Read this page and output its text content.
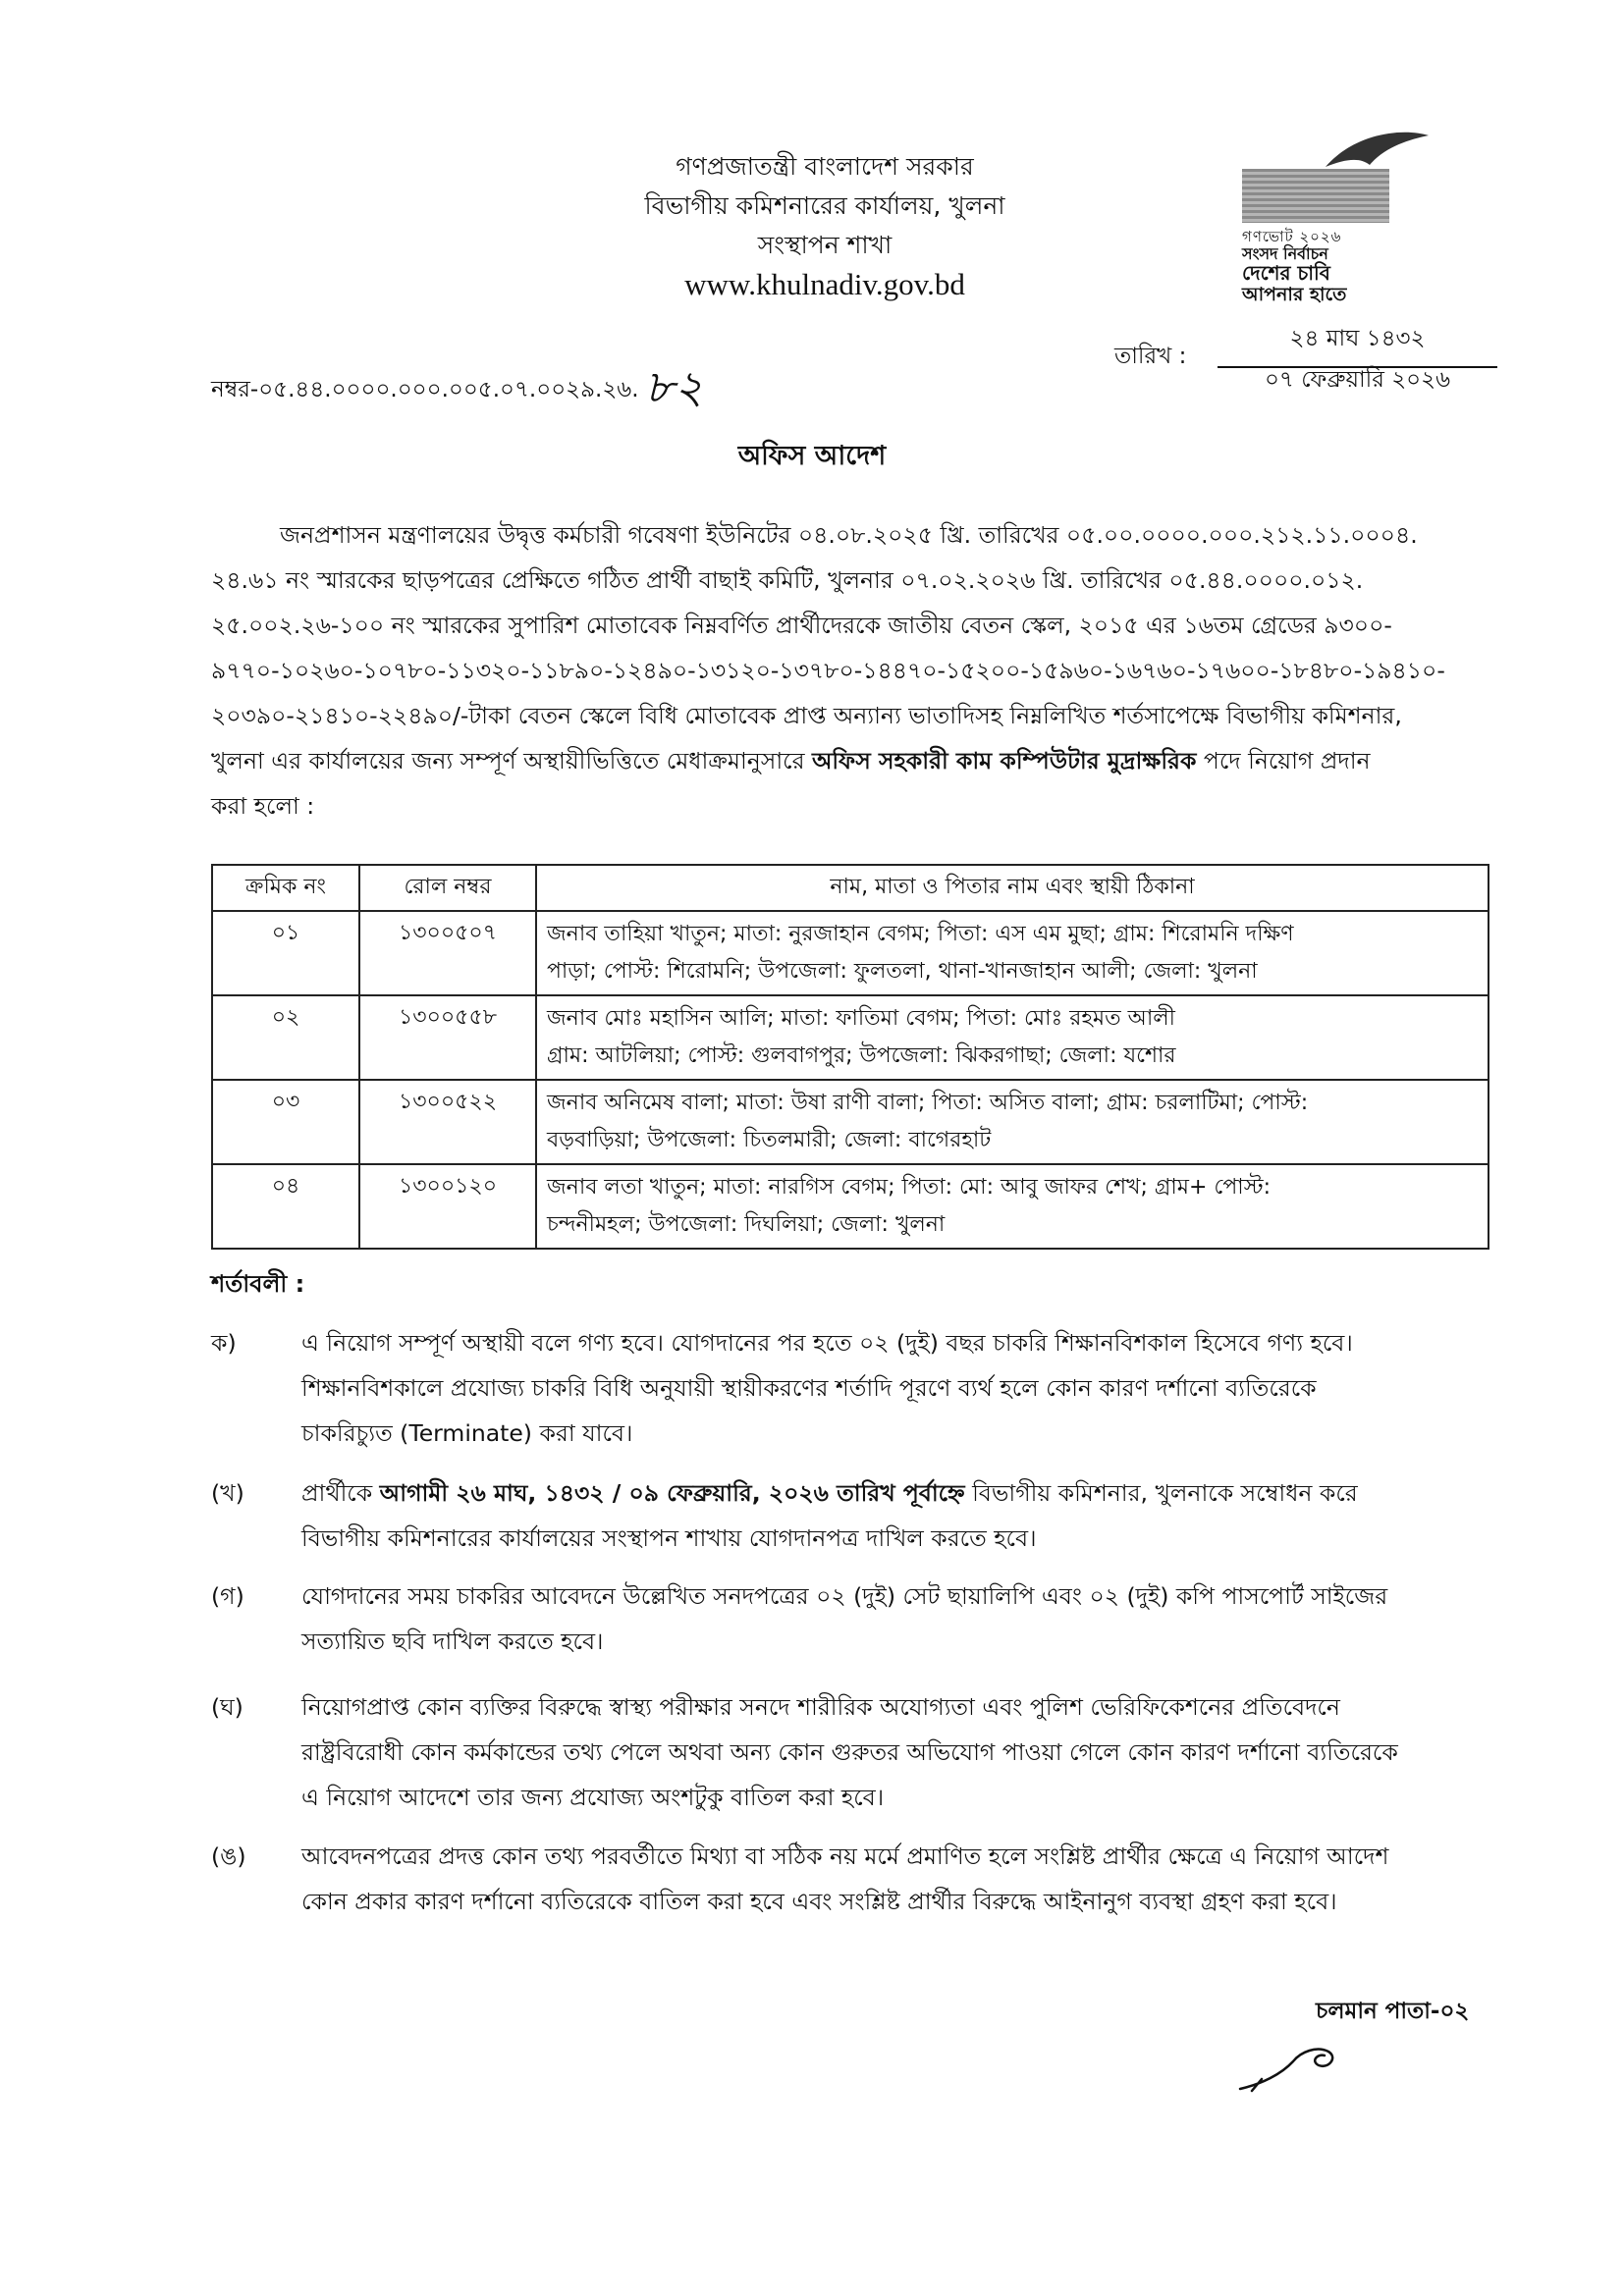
গণপ্রজাতন্ত্রী বাংলাদেশ সরকার
বিভাগীয় কমিশনারের কার্যালয়, খুলনা
সংস্থাপন শাখা
www.khulnadiv.gov.bd
গণভোট ২০২৬
সংসদ নির্বাচন
দেশের চাবি
আপনার হাতে
নম্বর-০৫.৪৪.০০০০.০০০.০০৫.০৭.০০২৯.২৬. ৮২
তারিখ :
২৪ মাঘ ১৪৩২
০৭ ফেব্রুয়ারি ২০২৬
অফিস আদেশ
জনপ্রশাসন মন্ত্রণালয়ের উদ্বৃত্ত কর্মচারী গবেষণা ইউনিটের ০৪.০৮.২০২৫ খ্রি. তারিখের ০৫.০০.০০০০.০০০.২১২.১১.০০০৪.
২৪.৬১ নং স্মারকের ছাড়পত্রের প্রেক্ষিতে গঠিত প্রার্থী বাছাই কমিটি, খুলনার ০৭.০২.২০২৬ খ্রি. তারিখের ০৫.৪৪.০০০০.০১২.
২৫.০০২.২৬-১০০ নং স্মারকের সুপারিশ মোতাবেক নিম্নবর্ণিত প্রার্থীদেরকে জাতীয় বেতন স্কেল, ২০১৫ এর ১৬তম গ্রেডের ৯৩০০-
৯৭৭০-১০২৬০-১০৭৮০-১১৩২০-১১৮৯০-১২৪৯০-১৩১২০-১৩৭৮০-১৪৪৭০-১৫২০০-১৫৯৬০-১৬৭৬০-১৭৬০০-১৮৪৮০-১৯৪১০-
২০৩৯০-২১৪১০-২২৪৯০/-টাকা বেতন স্কেলে বিধি মোতাবেক প্রাপ্ত অন্যান্য ভাতাদিসহ নিম্নলিখিত শর্তসাপেক্ষে বিভাগীয় কমিশনার,
খুলনা এর কার্যালয়ের জন্য সম্পূর্ণ অস্থায়ীভিত্তিতে মেধাক্রমানুসারে অফিস সহকারী কাম কম্পিউটার মুদ্রাক্ষরিক পদে নিয়োগ প্রদান
করা হলো :
ক্রমিক নং	রোল নম্বর	নাম, মাতা ও পিতার নাম এবং স্থায়ী ঠিকানা
০১	১৩০০৫০৭	জনাব তাহিয়া খাতুন; মাতা: নুরজাহান বেগম; পিতা: এস এম মুছা; গ্রাম: শিরোমনি দক্ষিণ
পাড়া; পোস্ট: শিরোমনি; উপজেলা: ফুলতলা, থানা-খানজাহান আলী; জেলা: খুলনা

০২	১৩০০৫৫৮	জনাব মোঃ মহাসিন আলি; মাতা: ফাতিমা বেগম; পিতা: মোঃ রহমত আলী
গ্রাম: আটলিয়া; পোস্ট: গুলবাগপুর; উপজেলা: ঝিকরগাছা; জেলা: যশোর

০৩	১৩০০৫২২	জনাব অনিমেষ বালা; মাতা: উষা রাণী বালা; পিতা: অসিত বালা; গ্রাম: চরলাটিমা; পোস্ট:
বড়বাড়িয়া; উপজেলা: চিতলমারী; জেলা: বাগেরহাট

০৪	১৩০০১২০	জনাব লতা খাতুন; মাতা: নারগিস বেগম; পিতা: মো: আবু জাফর শেখ; গ্রাম+ পোস্ট:
চন্দনীমহল; উপজেলা: দিঘলিয়া; জেলা: খুলনা
শর্তাবলী :
ক)	এ নিয়োগ সম্পূর্ণ অস্থায়ী বলে গণ্য হবে। যোগদানের পর হতে ০২ (দুই) বছর চাকরি শিক্ষানবিশকাল হিসেবে গণ্য হবে।
শিক্ষানবিশকালে প্রযোজ্য চাকরি বিধি অনুযায়ী স্থায়ীকরণের শর্তাদি পূরণে ব্যর্থ হলে কোন কারণ দর্শানো ব্যতিরেকে
চাকরিচ্যুত (Terminate) করা যাবে।
(খ) প্রার্থীকে আগামী ২৬ মাঘ, ১৪৩২ / ০৯ ফেব্রুয়ারি, ২০২৬ তারিখ পূর্বাহ্নে বিভাগীয় কমিশনার, খুলনাকে সম্বোধন করে
বিভাগীয় কমিশনারের কার্যালয়ের সংস্থাপন শাখায় যোগদানপত্র দাখিল করতে হবে।
(গ) যোগদানের সময় চাকরির আবেদনে উল্লেখিত সনদপত্রের ০২ (দুই) সেট ছায়ালিপি এবং ০২ (দুই) কপি পাসপোর্ট সাইজের
সত্যায়িত ছবি দাখিল করতে হবে।
(ঘ)	নিয়োগপ্রাপ্ত কোন ব্যক্তির বিরুদ্ধে স্বাস্থ্য পরীক্ষার সনদে শারীরিক অযোগ্যতা এবং পুলিশ ভেরিফিকেশনের প্রতিবেদনে
রাষ্ট্রবিরোধী কোন কর্মকান্ডের তথ্য পেলে অথবা অন্য কোন গুরুতর অভিযোগ পাওয়া গেলে কোন কারণ দর্শানো ব্যতিরেকে
এ নিয়োগ আদেশে তার জন্য প্রযোজ্য অংশটুকু বাতিল করা হবে।
(ঙ) আবেদনপত্রের প্রদত্ত কোন তথ্য পরবর্তীতে মিথ্যা বা সঠিক নয় মর্মে প্রমাণিত হলে সংশ্লিষ্ট প্রার্থীর ক্ষেত্রে এ নিয়োগ আদেশ
কোন প্রকার কারণ দর্শানো ব্যতিরেকে বাতিল করা হবে এবং সংশ্লিষ্ট প্রার্থীর বিরুদ্ধে আইনানুগ ব্যবস্থা গ্রহণ করা হবে।
চলমান পাতা-০২
